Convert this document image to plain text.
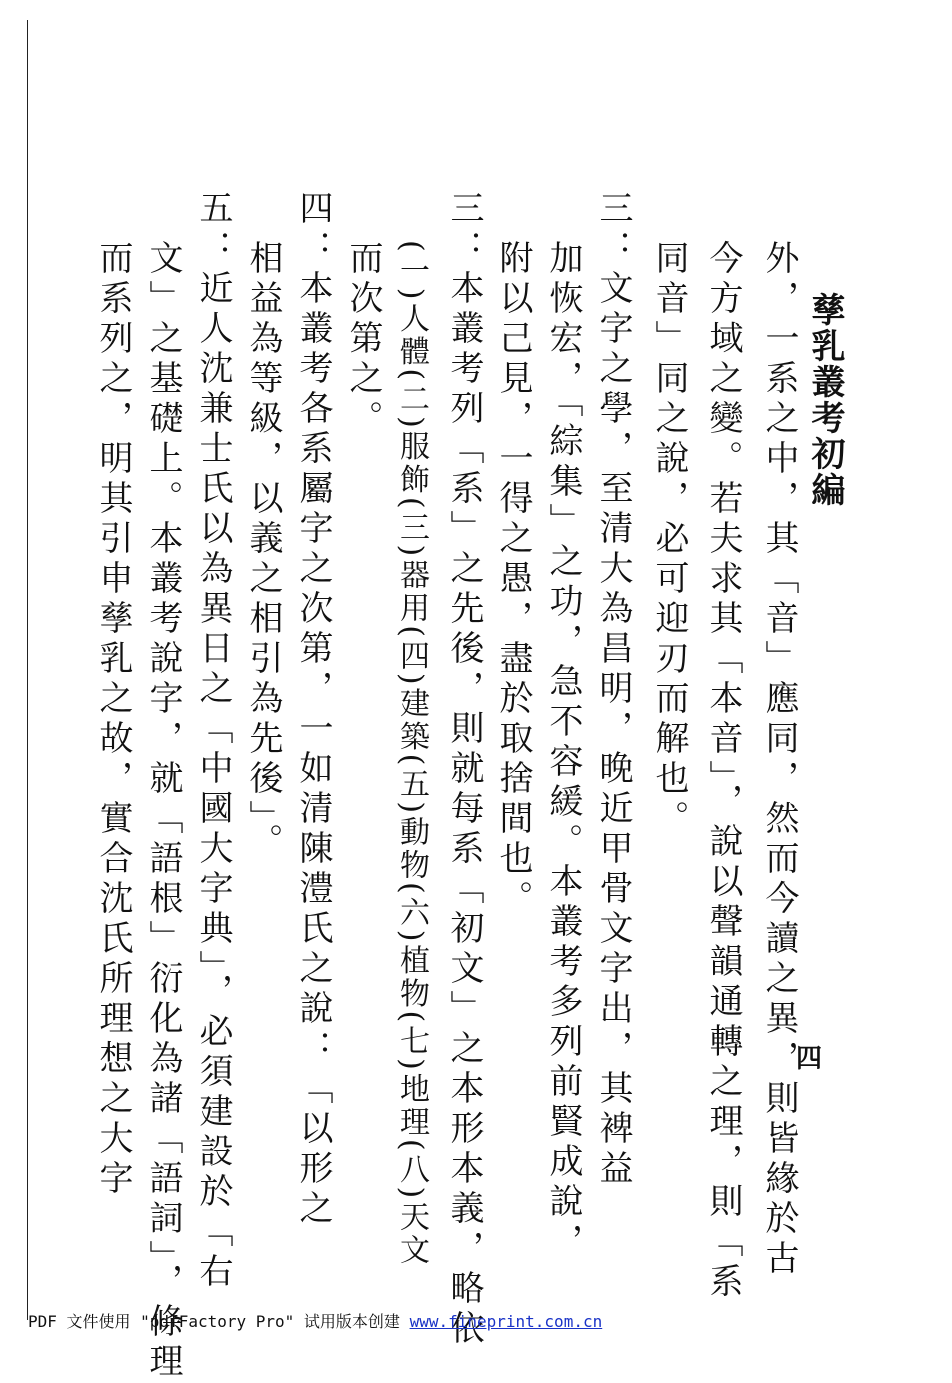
孳乳叢考初編
四
外，一系之中，其「音」應同，然而今讀之異，則皆緣於古
今方域之變。若夫求其「本音」，說以聲韻通轉之理，則「系
同音」同之說，必可迎刃而解也。
三：文字之學，至清大為昌明，晚近甲骨文字出，其裨益
加恢宏，「綜集」之功，急不容緩。本叢考多列前賢成說，
附以己見，一得之愚，盡於取捨間也。
三：本叢考列「系」之先後，則就每系「初文」之本形本義，略依
(一)人體(二)服飾(三)器用(四)建築(五)動物(六)植物(七)地理(八)天文
而次第之。
四：本叢考各系屬字之次第，一如清陳澧氏之說：「以形之
相益為等級，以義之相引為先後」。
五：近人沈兼士氏以為異日之「中國大字典」，必須建設於「右
文」之基礎上。本叢考說字，就「語根」衍化為諸「語詞」，條理
而系列之，明其引申孳乳之故，實合沈氏所理想之大字
PDF 文件使用 "pdfFactory Pro" 试用版本创建 www.fineprint.com.cn
